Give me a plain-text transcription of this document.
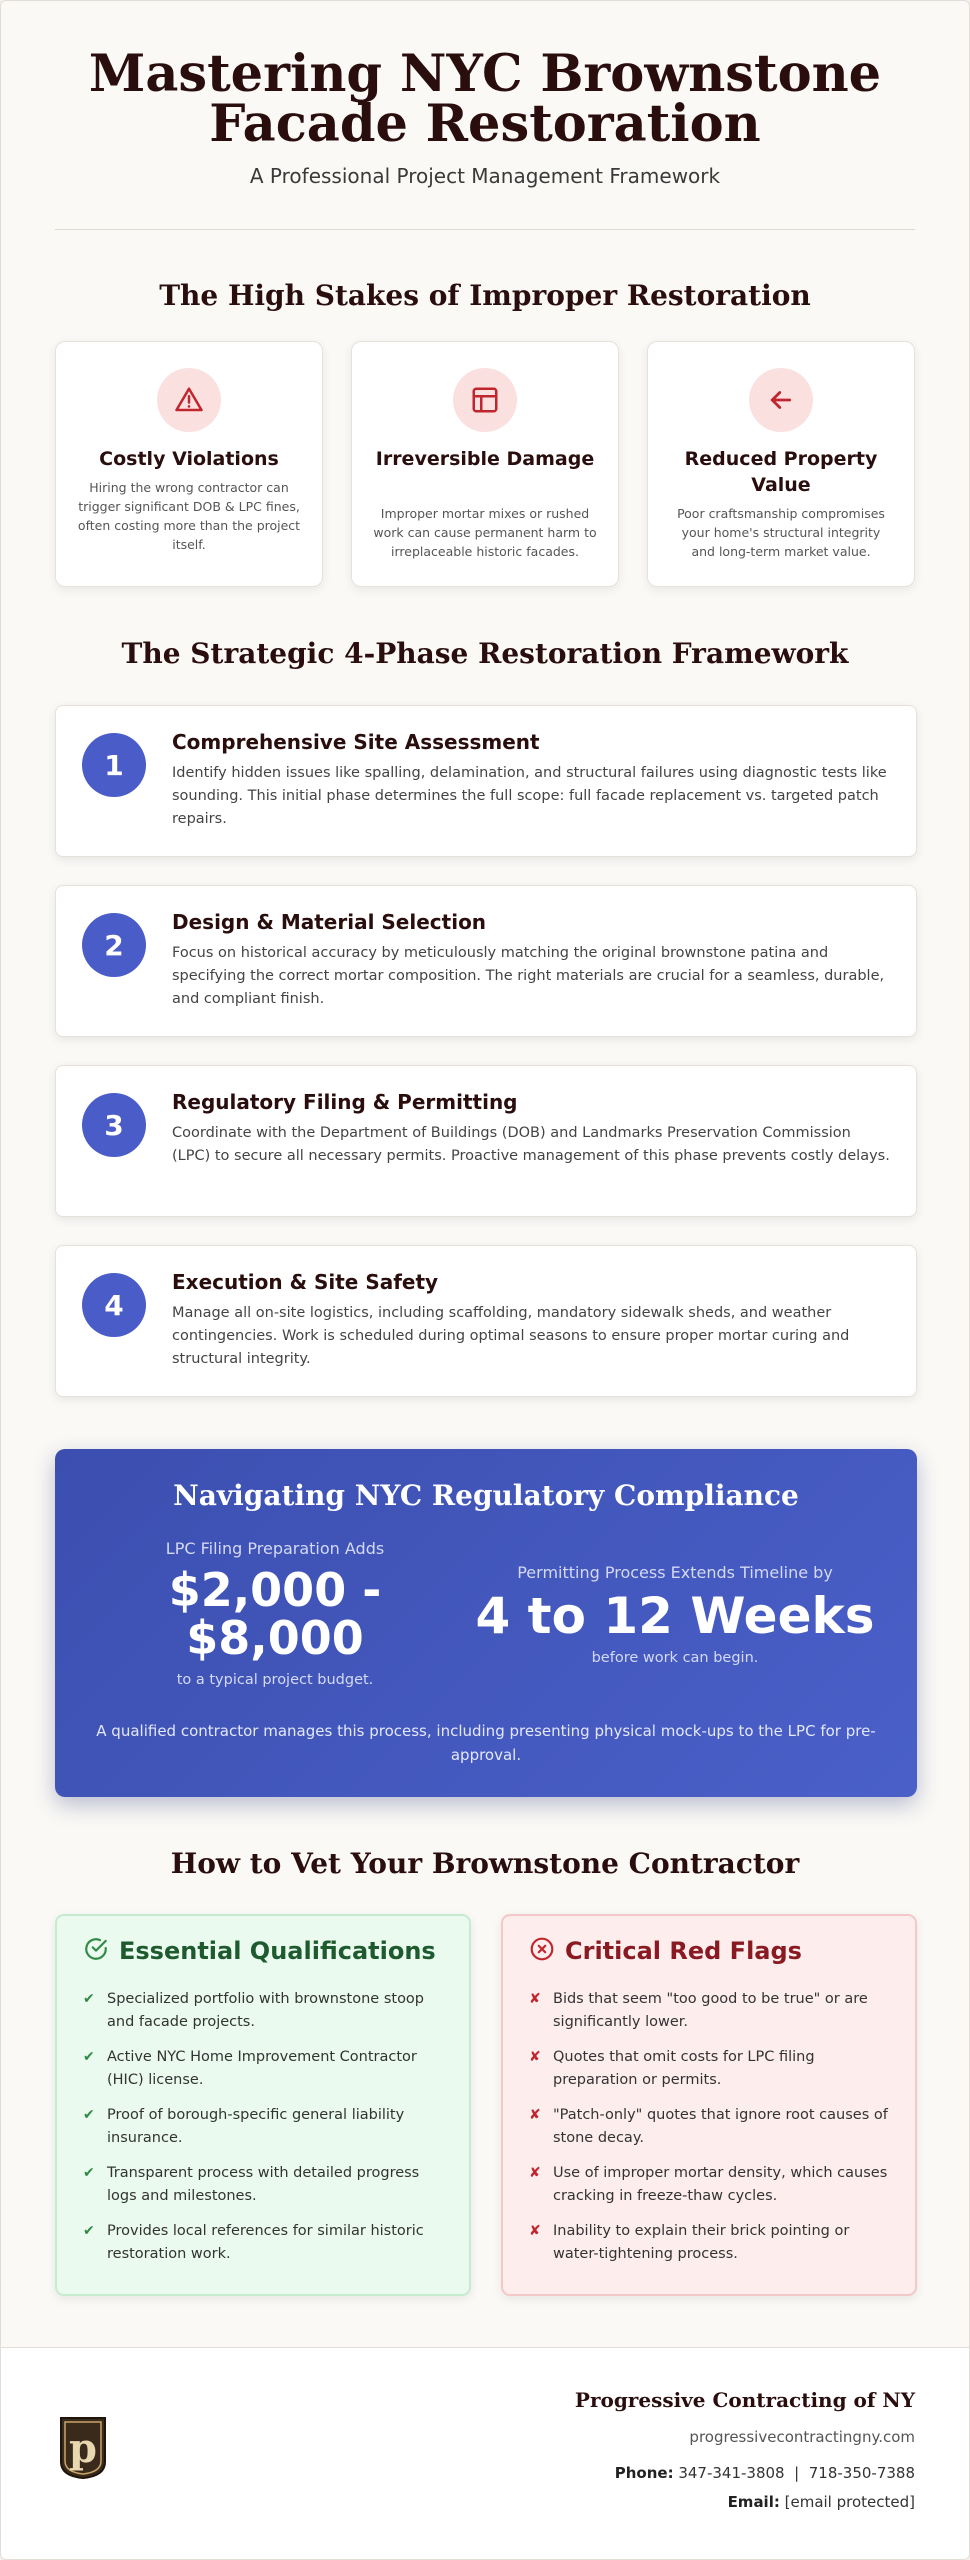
Mastering NYC Brownstone
Facade Restoration
A Professional Project Management Framework
The High Stakes of Improper Restoration
Costly Violations
Hiring the wrong contractor can trigger significant DOB & LPC fines, often costing more than the project itself.
Irreversible Damage
Improper mortar mixes or rushed work can cause permanent harm to irreplaceable historic facades.
Reduced Property Value
Poor craftsmanship compromises your home's structural integrity and long-term market value.
The Strategic 4-Phase Restoration Framework
1
Comprehensive Site Assessment
Identify hidden issues like spalling, delamination, and structural failures using diagnostic tests like sounding. This initial phase determines the full scope: full facade replacement vs. targeted patch repairs.
2
Design & Material Selection
Focus on historical accuracy by meticulously matching the original brownstone patina and specifying the correct mortar composition. The right materials are crucial for a seamless, durable, and compliant finish.
3
Regulatory Filing & Permitting
Coordinate with the Department of Buildings (DOB) and Landmarks Preservation Commission (LPC) to secure all necessary permits. Proactive management of this phase prevents costly delays.
4
Execution & Site Safety
Manage all on-site logistics, including scaffolding, mandatory sidewalk sheds, and weather contingencies. Work is scheduled during optimal seasons to ensure proper mortar curing and structural integrity.
Navigating NYC Regulatory Compliance
LPC Filing Preparation Adds
$2,000 -
$8,000
to a typical project budget.
Permitting Process Extends Timeline by
4 to 12 Weeks
before work can begin.
A qualified contractor manages this process, including presenting physical mock-ups to the LPC for pre-approval.
How to Vet Your Brownstone Contractor
Essential Qualifications
✔ Specialized portfolio with brownstone stoop and facade projects.
✔ Active NYC Home Improvement Contractor (HIC) license.
✔ Proof of borough-specific general liability insurance.
✔ Transparent process with detailed progress logs and milestones.
✔ Provides local references for similar historic restoration work.
Critical Red Flags
✘ Bids that seem "too good to be true" or are significantly lower.
✘ Quotes that omit costs for LPC filing preparation or permits.
✘ "Patch-only" quotes that ignore root causes of stone decay.
✘ Use of improper mortar density, which causes cracking in freeze-thaw cycles.
✘ Inability to explain their brick pointing or water-tightening process.
p
Progressive Contracting of NY
progressivecontractingny.com
Phone: 347-341-3808  |  718-350-7388
Email: [email protected]
